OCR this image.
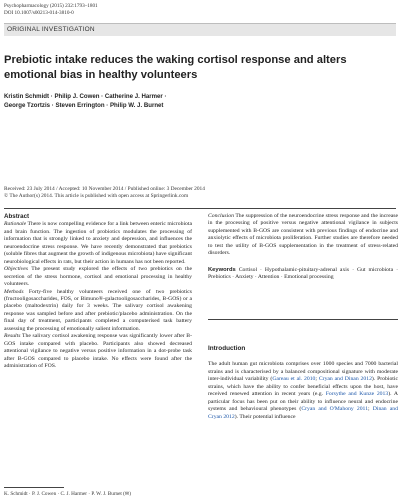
Psychopharmacology (2015) 232:1793–1801
DOI 10.1007/s00213-014-3810-0
ORIGINAL INVESTIGATION
Prebiotic intake reduces the waking cortisol response and alters emotional bias in healthy volunteers
Kristin Schmidt · Philip J. Cowen · Catherine J. Harmer ·
George Tzortzis · Steven Errington · Philip W. J. Burnet
Received: 23 July 2014 / Accepted: 10 November 2014 / Published online: 3 December 2014
© The Author(s) 2014. This article is published with open access at Springerlink.com
Abstract

Rationale There is now compelling evidence for a link between enteric microbiota and brain function. The ingestion of probiotics modulates the processing of information that is strongly linked to anxiety and depression, and influences the neuroendocrine stress response. We have recently demonstrated that prebiotics (soluble fibres that augment the growth of indigenous microbiota) have significant neurobiological effects in rats, but their action in humans has not been reported.

Objectives The present study explored the effects of two prebiotics on the secretion of the stress hormone, cortisol and emotional processing in healthy volunteers.

Methods Forty-five healthy volunteers received one of two prebiotics (fructooligosaccharides, FOS, or Bimuno®-galactooligosaccharides, B-GOS) or a placebo (maltodextrin) daily for 3 weeks. The salivary cortisol awakening response was sampled before and after prebiotic/placebo administration. On the final day of treatment, participants completed a computerised task battery assessing the processing of emotionally salient information.

Results The salivary cortisol awakening response was significantly lower after B-GOS intake compared with placebo. Participants also showed decreased attentional vigilance to negative versus positive information in a dot-probe task after B-GOS compared to placebo intake. No effects were found after the administration of FOS.

Conclusion The suppression of the neuroendocrine stress response and the increase in the processing of positive versus negative attentional vigilance in subjects supplemented with B-GOS are consistent with previous findings of endocrine and anxiolytic effects of microbiota proliferation. Further studies are therefore needed to test the utility of B-GOS supplementation in the treatment of stress-related disorders.

Keywords Cortisol · Hypothalamic-pituitary-adrenal axis · Gut microbiota · Prebiotics · Anxiety · Attention · Emotional processing

Introduction

The adult human gut microbiota comprises over 1000 species and 7000 bacterial strains and is characterised by a balanced compositional signature with moderate inter-individual variability (Gareau et al. 2010; Cryan and Dinan 2012). Probiotic strains, which have the ability to confer beneficial effects upon the host, have received renewed attention in recent years (e.g. Forsythe and Kunze 2013). A particular focus has been put on their ability to influence neural and endocrine systems and behavioural phenotypes (Cryan and O'Mahony 2011; Dinan and Cryan 2012). Their potential influence

K. Schmidt · P. J. Cowen · C. J. Harmer · P. W. J. Burnet (✉)
